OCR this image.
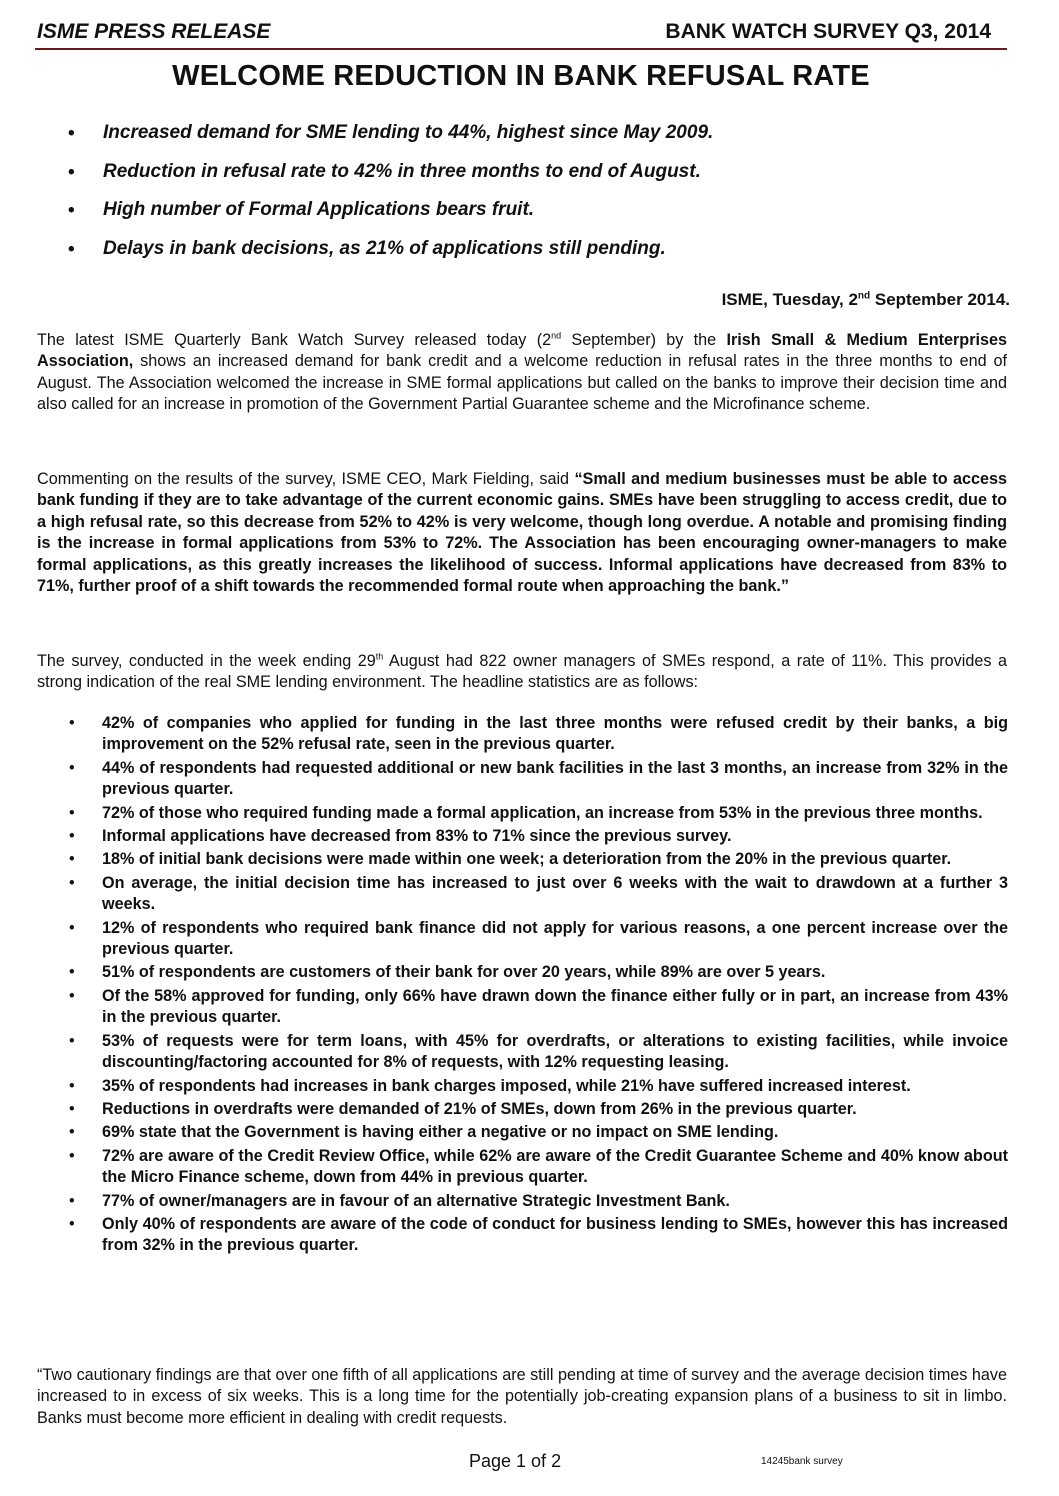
ISME PRESS RELEASE	BANK WATCH SURVEY Q3, 2014
WELCOME REDUCTION IN BANK REFUSAL RATE
• Increased demand for SME lending to 44%, highest since May 2009.
• Reduction in refusal rate to 42% in three months to end of August.
• High number of Formal Applications bears fruit.
• Delays in bank decisions, as 21% of applications still pending.
ISME, Tuesday, 2nd September 2014.

The latest ISME Quarterly Bank Watch Survey released today (2nd September) by the Irish Small & Medium Enterprises Association, shows an increased demand for bank credit and a welcome reduction in refusal rates in the three months to end of August. The Association welcomed the increase in SME formal applications but called on the banks to improve their decision time and also called for an increase in promotion of the Government Partial Guarantee scheme and the Microfinance scheme.

Commenting on the results of the survey, ISME CEO, Mark Fielding, said “Small and medium businesses must be able to access bank funding if they are to take advantage of the current economic gains. SMEs have been struggling to access credit, due to a high refusal rate, so this decrease from 52% to 42% is very welcome, though long overdue. A notable and promising finding is the increase in formal applications from 53% to 72%. The Association has been encouraging owner-managers to make formal applications, as this greatly increases the likelihood of success. Informal applications have decreased from 83% to 71%, further proof of a shift towards the recommended formal route when approaching the bank.”

The survey, conducted in the week ending 29th August had 822 owner managers of SMEs respond, a rate of 11%. This provides a strong indication of the real SME lending environment. The headline statistics are as follows:

• 42% of companies who applied for funding in the last three months were refused credit by their banks, a big improvement on the 52% refusal rate, seen in the previous quarter.
• 44% of respondents had requested additional or new bank facilities in the last 3 months, an increase from 32% in the previous quarter.
• 72% of those who required funding made a formal application, an increase from 53% in the previous three months.
• Informal applications have decreased from 83% to 71% since the previous survey.
• 18% of initial bank decisions were made within one week; a deterioration from the 20% in the previous quarter.
• On average, the initial decision time has increased to just over 6 weeks with the wait to drawdown at a further 3 weeks.
• 12% of respondents who required bank finance did not apply for various reasons, a one percent increase over the previous quarter.
• 51% of respondents are customers of their bank for over 20 years, while 89% are over 5 years.
• Of the 58% approved for funding, only 66% have drawn down the finance either fully or in part, an increase from 43% in the previous quarter.
• 53% of requests were for term loans, with 45% for overdrafts, or alterations to existing facilities, while invoice discounting/factoring accounted for 8% of requests, with 12% requesting leasing.
• 35% of respondents had increases in bank charges imposed, while 21% have suffered increased interest.
• Reductions in overdrafts were demanded of 21% of SMEs, down from 26% in the previous quarter.
• 69% state that the Government is having either a negative or no impact on SME lending.
• 72% are aware of the Credit Review Office, while 62% are aware of the Credit Guarantee Scheme and 40% know about the Micro Finance scheme, down from 44% in previous quarter.
• 77% of owner/managers are in favour of an alternative Strategic Investment Bank.
• Only 40% of respondents are aware of the code of conduct for business lending to SMEs, however this has increased from 32% in the previous quarter.

“Two cautionary findings are that over one fifth of all applications are still pending at time of survey and the average decision times have increased to in excess of six weeks. This is a long time for the potentially job-creating expansion plans of a business to sit in limbo. Banks must become more efficient in dealing with credit requests.

Page 1 of 2	14245bank survey
